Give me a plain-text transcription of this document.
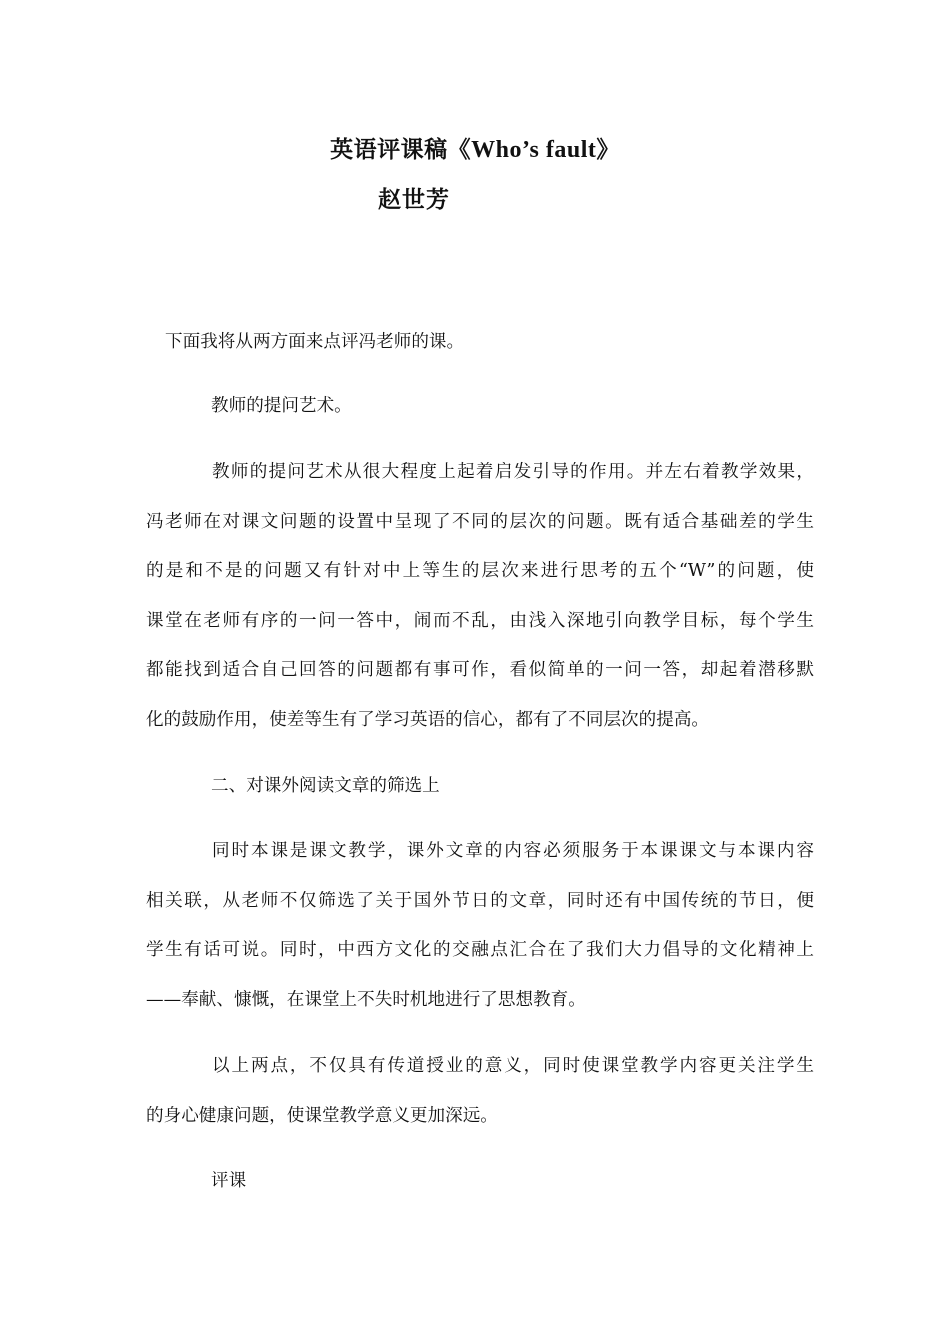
英语评课稿《Who’s fault》
赵世芳
下面我将从两方面来点评冯老师的课。
教师的提问艺术。
教师的提问艺术从很大程度上起着启发引导的作用。并左右着教学效果，
冯老师在对课文问题的设置中呈现了不同的层次的问题。既有适合基础差的学生
的是和不是的问题又有针对中上等生的层次来进行思考的五个“W”的问题，使
课堂在老师有序的一问一答中，闹而不乱，由浅入深地引向教学目标，每个学生
都能找到适合自己回答的问题都有事可作，看似简单的一问一答，却起着潜移默
化的鼓励作用，使差等生有了学习英语的信心，都有了不同层次的提高。
二、对课外阅读文章的筛选上
同时本课是课文教学，课外文章的内容必须服务于本课课文与本课内容
相关联，从老师不仅筛选了关于国外节日的文章，同时还有中国传统的节日，便
学生有话可说。同时，中西方文化的交融点汇合在了我们大力倡导的文化精神上
——奉献、慷慨，在课堂上不失时机地进行了思想教育。
以上两点，不仅具有传道授业的意义，同时使课堂教学内容更关注学生
的身心健康问题，使课堂教学意义更加深远。
评课
